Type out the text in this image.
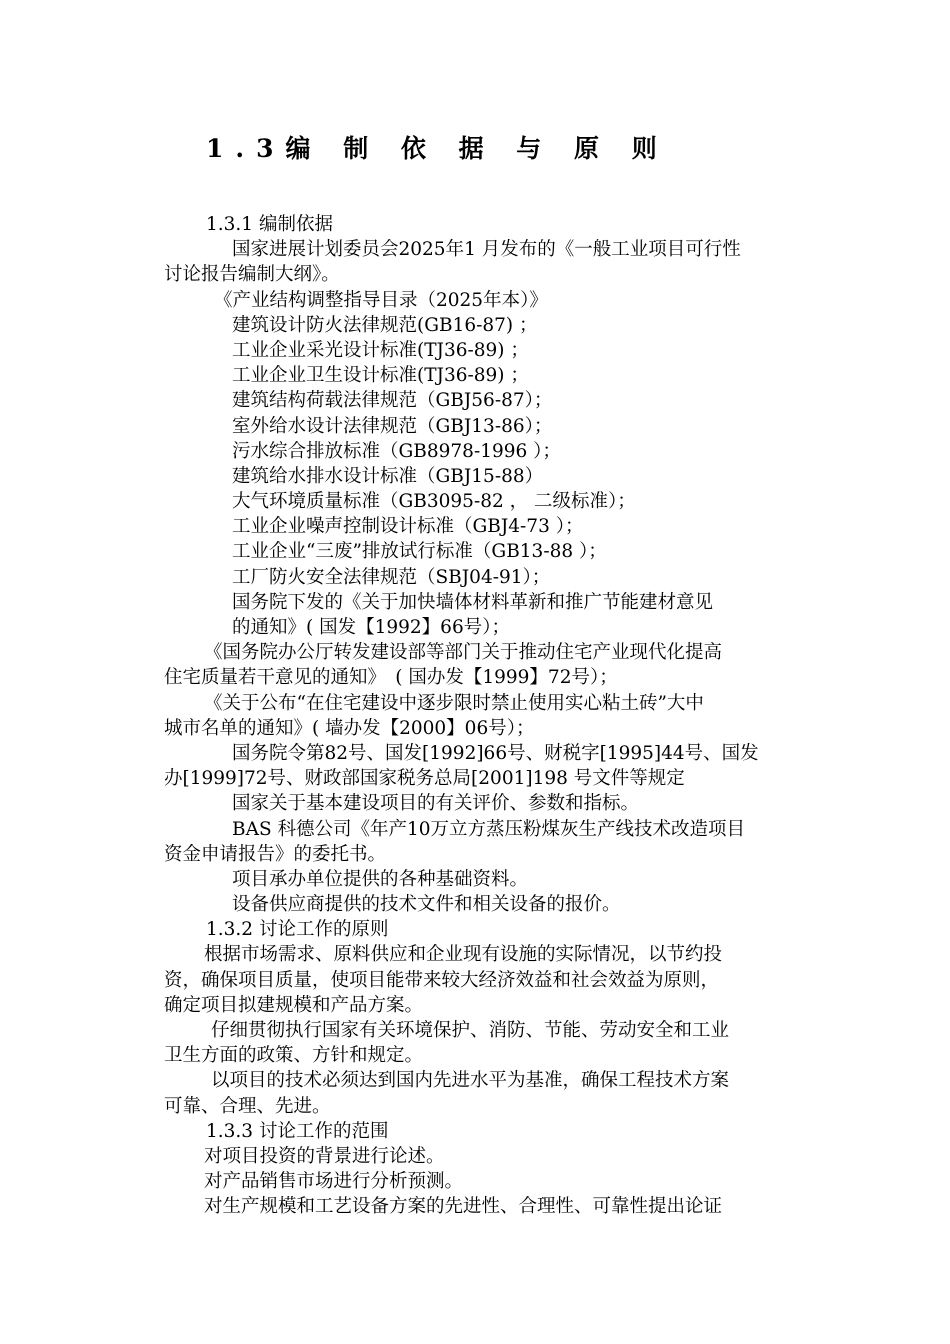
1.3编 制 依 据 与 原 则
1.3.1 编制依据
国家进展计划委员会2025年1 月发布的《一般工业项目可行性
讨论报告编制大纲》。
《产业结构调整指导目录（2025年本）》
建筑设计防火法律规范(GB16-87) ；
工业企业采光设计标准(TJ36-89) ；
工业企业卫生设计标准(TJ36-89) ；
建筑结构荷载法律规范（GBJ56-87）；
室外给水设计法律规范（GBJ13-86）；
污水综合排放标准（GB8978-1996 ）；
建筑给水排水设计标准（GBJ15-88）
大气环境质量标准（GB3095-82 ， 二级标准）；
工业企业噪声控制设计标准（GBJ4-73 ）；
工业企业“三废”排放试行标准（GB13-88 ）；
工厂防火安全法律规范（SBJ04-91）；
国务院下发的《关于加快墙体材料革新和推广节能建材意见
的通知》( 国发【1992】66号）；
《国务院办公厅转发建设部等部门关于推动住宅产业现代化提高
住宅质量若干意见的通知》　( 国办发【1999】72号）；
《关于公布“在住宅建设中逐步限时禁止使用实心粘土砖”大中
城市名单的通知》( 墙办发【2000】06号）；
国务院令第82号、国发[1992]66号、财税字[1995]44号、国发
办[1999]72号、财政部国家税务总局[2001]198 号文件等规定
国家关于基本建设项目的有关评价、参数和指标。
BAS 科德公司《年产10万立方蒸压粉煤灰生产线技术改造项目
资金申请报告》的委托书。
项目承办单位提供的各种基础资料。
设备供应商提供的技术文件和相关设备的报价。
1.3.2 讨论工作的原则
根据市场需求、原料供应和企业现有设施的实际情况，以节约投
资，确保项目质量，使项目能带来较大经济效益和社会效益为原则，
确定项目拟建规模和产品方案。
仔细贯彻执行国家有关环境保护、消防、节能、劳动安全和工业
卫生方面的政策、方针和规定。
以项目的技术必须达到国内先进水平为基准，确保工程技术方案
可靠、合理、先进。
1.3.3 讨论工作的范围
对项目投资的背景进行论述。
对产品销售市场进行分析预测。
对生产规模和工艺设备方案的先进性、合理性、可靠性提出论证
